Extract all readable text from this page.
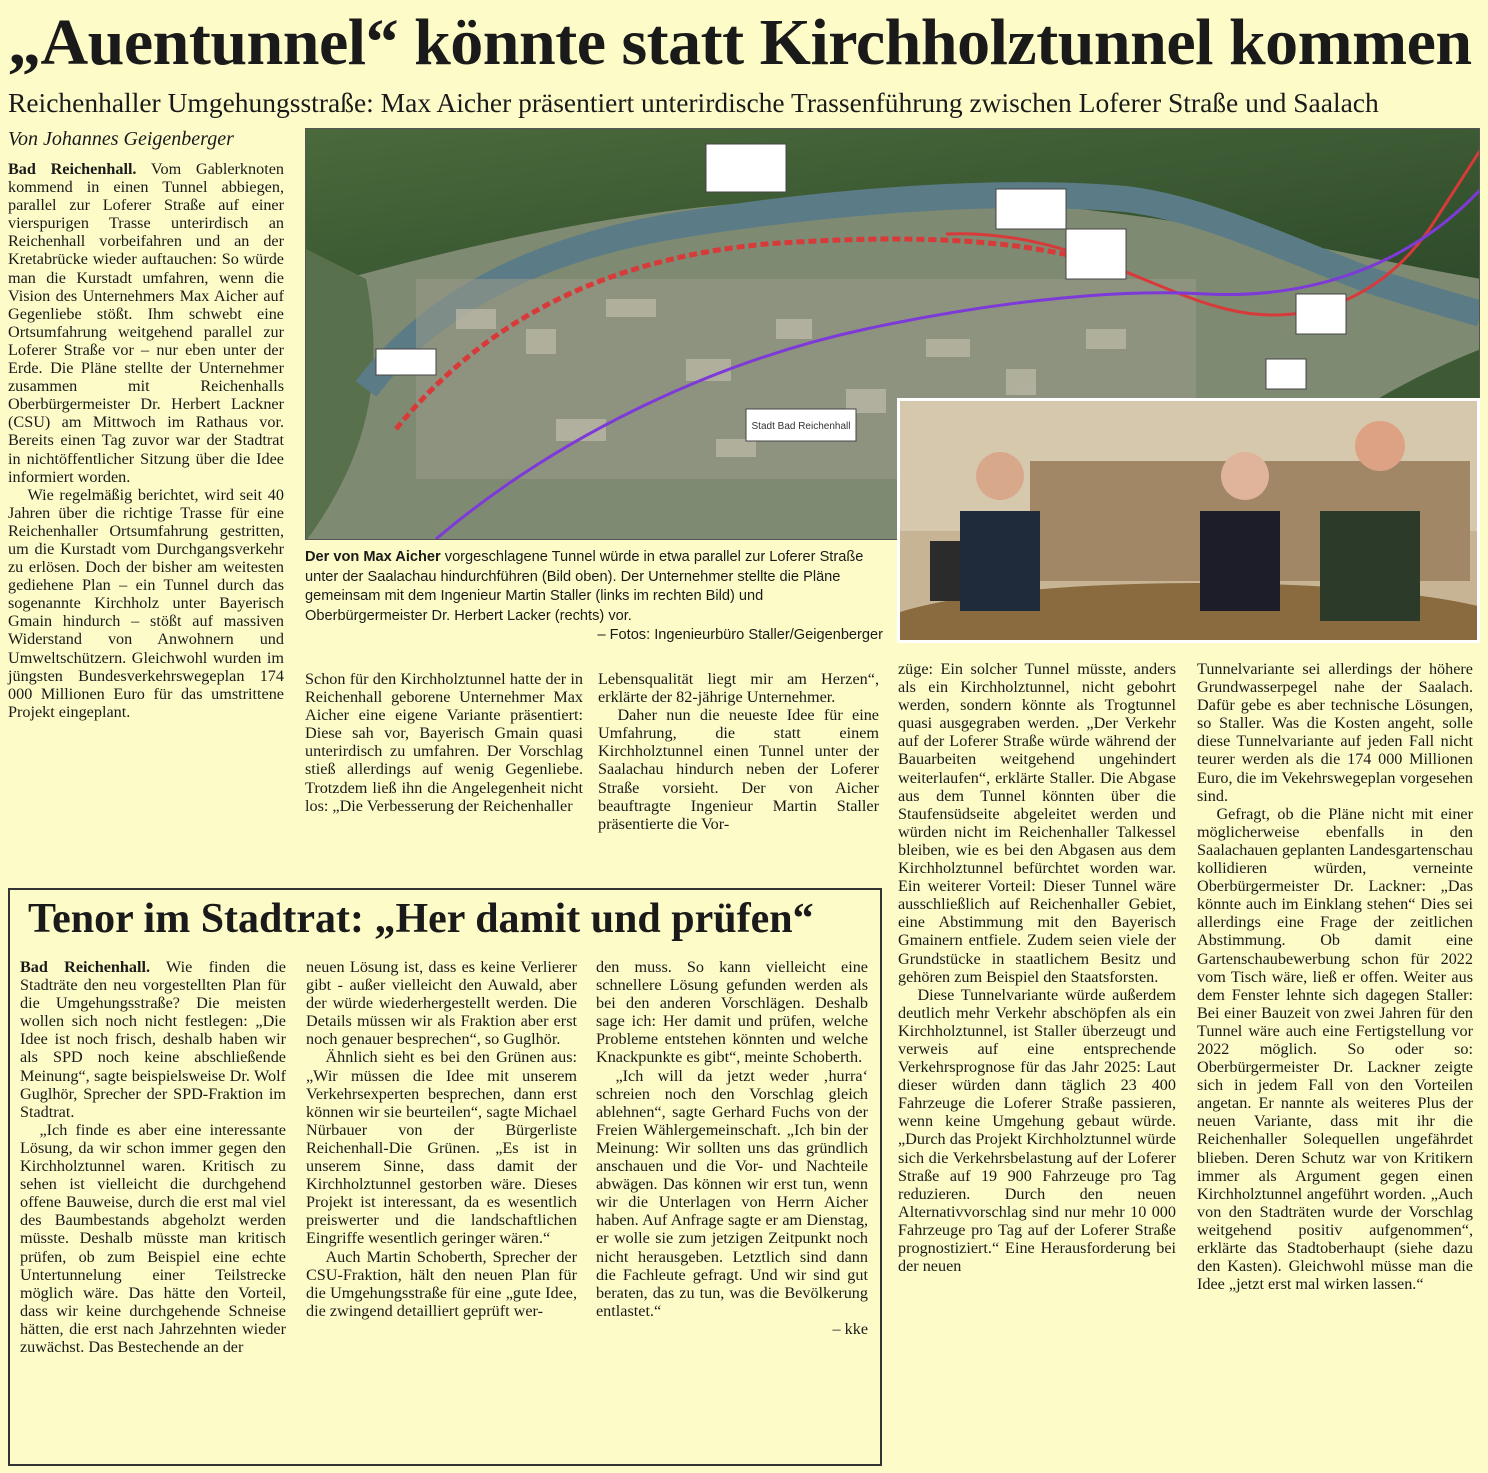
„Auentunnel“ könnte statt Kirchholztunnel kommen
Reichenhaller Umgehungsstraße: Max Aicher präsentiert unterirdische Trassenführung zwischen Loferer Straße und Saalach
Von Johannes Geigenberger

Bad Reichenhall. Vom Gablerknoten kommend in einen Tunnel abbiegen, parallel zur Loferer Straße auf einer vierspurigen Trasse unterirdisch an Reichenhall vorbeifahren und an der Kretabrücke wieder auftauchen: So würde man die Kurstadt umfahren, wenn die Vision des Unternehmers Max Aicher auf Gegenliebe stößt. Ihm schwebt eine Ortsumfahrung weitgehend parallel zur Loferer Straße vor – nur eben unter der Erde. Die Pläne stellte der Unternehmer zusammen mit Reichenhalls Oberbürgermeister Dr. Herbert Lackner (CSU) am Mittwoch im Rathaus vor. Bereits einen Tag zuvor war der Stadtrat in nichtöffentlicher Sitzung über die Idee informiert worden.

Wie regelmäßig berichtet, wird seit 40 Jahren über die richtige Trasse für eine Reichenhaller Ortsumfahrung gestritten, um die Kurstadt vom Durchgangsverkehr zu erlösen. Doch der bisher am weitesten gediehene Plan – ein Tunnel durch das sogenannte Kirchholz unter Bayerisch Gmain hindurch – stößt auf massiven Widerstand von Anwohnern und Umweltschützern. Gleichwohl wurden im jüngsten Bundesverkehrswegeplan 174 000 Millionen Euro für das umstrittene Projekt eingeplant.

Stadt Bad Reichenhall
Der von Max Aicher vorgeschlagene Tunnel würde in etwa parallel zur Loferer Straße unter der Saalachau hindurchführen (Bild oben). Der Unternehmer stellte die Pläne gemeinsam mit dem Ingenieur Martin Staller (links im rechten Bild) und Oberbürgermeister Dr. Herbert Lacker (rechts) vor.
– Fotos: Ingenieurbüro Staller/Geigenberger

Schon für den Kirchholztunnel hatte der in Reichenhall geborene Unternehmer Max Aicher eine eigene Variante präsentiert: Diese sah vor, Bayerisch Gmain quasi unterirdisch zu umfahren. Der Vorschlag stieß allerdings auf wenig Gegenliebe. Trotzdem ließ ihn die Angelegenheit nicht los: „Die Verbesserung der Reichenhaller

Lebensqualität liegt mir am Herzen“, erklärte der 82-jährige Unternehmer.

Daher nun die neueste Idee für eine Umfahrung, die statt einem Kirchholztunnel einen Tunnel unter der Saalachau hindurch neben der Loferer Straße vorsieht. Der von Aicher beauftragte Ingenieur Martin Staller präsentierte die Vor-

züge: Ein solcher Tunnel müsste, anders als ein Kirchholztunnel, nicht gebohrt werden, sondern könnte als Trogtunnel quasi ausgegraben werden. „Der Verkehr auf der Loferer Straße würde während der Bauarbeiten weitgehend ungehindert weiterlaufen“, erklärte Staller. Die Abgase aus dem Tunnel könnten über die Staufensüdseite abgeleitet werden und würden nicht im Reichenhaller Talkessel bleiben, wie es bei den Abgasen aus dem Kirchholztunnel befürchtet worden war. Ein weiterer Vorteil: Dieser Tunnel wäre ausschließlich auf Reichenhaller Gebiet, eine Abstimmung mit den Bayerisch Gmainern entfiele. Zudem seien viele der Grundstücke in staatlichem Besitz und gehören zum Beispiel den Staatsforsten.

Diese Tunnelvariante würde außerdem deutlich mehr Verkehr abschöpfen als ein Kirchholztunnel, ist Staller überzeugt und verweis auf eine entsprechende Verkehrsprognose für das Jahr 2025: Laut dieser würden dann täglich 23 400 Fahrzeuge die Loferer Straße passieren, wenn keine Umgehung gebaut würde. „Durch das Projekt Kirchholztunnel würde sich die Verkehrsbelastung auf der Loferer Straße auf 19 900 Fahrzeuge pro Tag reduzieren. Durch den neuen Alternativvorschlag sind nur mehr 10 000 Fahrzeuge pro Tag auf der Loferer Straße prognostiziert.“ Eine Herausforderung bei der neuen

Tunnelvariante sei allerdings der höhere Grundwasserpegel nahe der Saalach. Dafür gebe es aber technische Lösungen, so Staller. Was die Kosten angeht, solle diese Tunnelvariante auf jeden Fall nicht teurer werden als die 174 000 Millionen Euro, die im Vekehrswegeplan vorgesehen sind.

Gefragt, ob die Pläne nicht mit einer möglicherweise ebenfalls in den Saalachauen geplanten Landesgartenschau kollidieren würden, verneinte Oberbürgermeister Dr. Lackner: „Das könnte auch im Einklang stehen“ Dies sei allerdings eine Frage der zeitlichen Abstimmung. Ob damit eine Gartenschaubewerbung schon für 2022 vom Tisch wäre, ließ er offen. Weiter aus dem Fenster lehnte sich dagegen Staller: Bei einer Bauzeit von zwei Jahren für den Tunnel wäre auch eine Fertigstellung vor 2022 möglich. So oder so: Oberbürgermeister Dr. Lackner zeigte sich in jedem Fall von den Vorteilen angetan. Er nannte als weiteres Plus der neuen Variante, dass mit ihr die Reichenhaller Solequellen ungefährdet blieben. Deren Schutz war von Kritikern immer als Argument gegen einen Kirchholztunnel angeführt worden. „Auch von den Stadträten wurde der Vorschlag weitgehend positiv aufgenommen“, erklärte das Stadtoberhaupt (siehe dazu den Kasten). Gleichwohl müsse man die Idee „jetzt erst mal wirken lassen.“

Tenor im Stadtrat: „Her damit und prüfen“

Bad Reichenhall. Wie finden die Stadträte den neu vorgestellten Plan für die Umgehungsstraße? Die meisten wollen sich noch nicht festlegen: „Die Idee ist noch frisch, deshalb haben wir als SPD noch keine abschließende Meinung“, sagte beispielsweise Dr. Wolf Guglhör, Sprecher der SPD-Fraktion im Stadtrat.

„Ich finde es aber eine interessante Lösung, da wir schon immer gegen den Kirchholztunnel waren. Kritisch zu sehen ist vielleicht die durchgehend offene Bauweise, durch die erst mal viel des Baumbestands abgeholzt werden müsste. Deshalb müsste man kritisch prüfen, ob zum Beispiel eine echte Untertunnelung einer Teilstrecke möglich wäre. Das hätte den Vorteil, dass wir keine durchgehende Schneise hätten, die erst nach Jahrzehnten wieder zuwächst. Das Bestechende an der

neuen Lösung ist, dass es keine Verlierer gibt - außer vielleicht den Auwald, aber der würde wiederhergestellt werden. Die Details müssen wir als Fraktion aber erst noch genauer besprechen“, so Guglhör.

Ähnlich sieht es bei den Grünen aus: „Wir müssen die Idee mit unserem Verkehrsexperten besprechen, dann erst können wir sie beurteilen“, sagte Michael Nürbauer von der Bürgerliste Reichenhall-Die Grünen. „Es ist in unserem Sinne, dass damit der Kirchholztunnel gestorben wäre. Dieses Projekt ist interessant, da es wesentlich preiswerter und die landschaftlichen Eingriffe wesentlich geringer wären.“

Auch Martin Schoberth, Sprecher der CSU-Fraktion, hält den neuen Plan für die Umgehungsstraße für eine „gute Idee, die zwingend detailliert geprüft wer-

den muss. So kann vielleicht eine schnellere Lösung gefunden werden als bei den anderen Vorschlägen. Deshalb sage ich: Her damit und prüfen, welche Probleme entstehen könnten und welche Knackpunkte es gibt“, meinte Schoberth.

„Ich will da jetzt weder ‚hurra‘ schreien noch den Vorschlag gleich ablehnen“, sagte Gerhard Fuchs von der Freien Wählergemeinschaft. „Ich bin der Meinung: Wir sollten uns das gründlich anschauen und die Vor- und Nachteile abwägen. Das können wir erst tun, wenn wir die Unterlagen von Herrn Aicher haben. Auf Anfrage sagte er am Dienstag, er wolle sie zum jetzigen Zeitpunkt noch nicht herausgeben. Letztlich sind dann die Fachleute gefragt. Und wir sind gut beraten, das zu tun, was die Bevölkerung entlastet.“

– kke
